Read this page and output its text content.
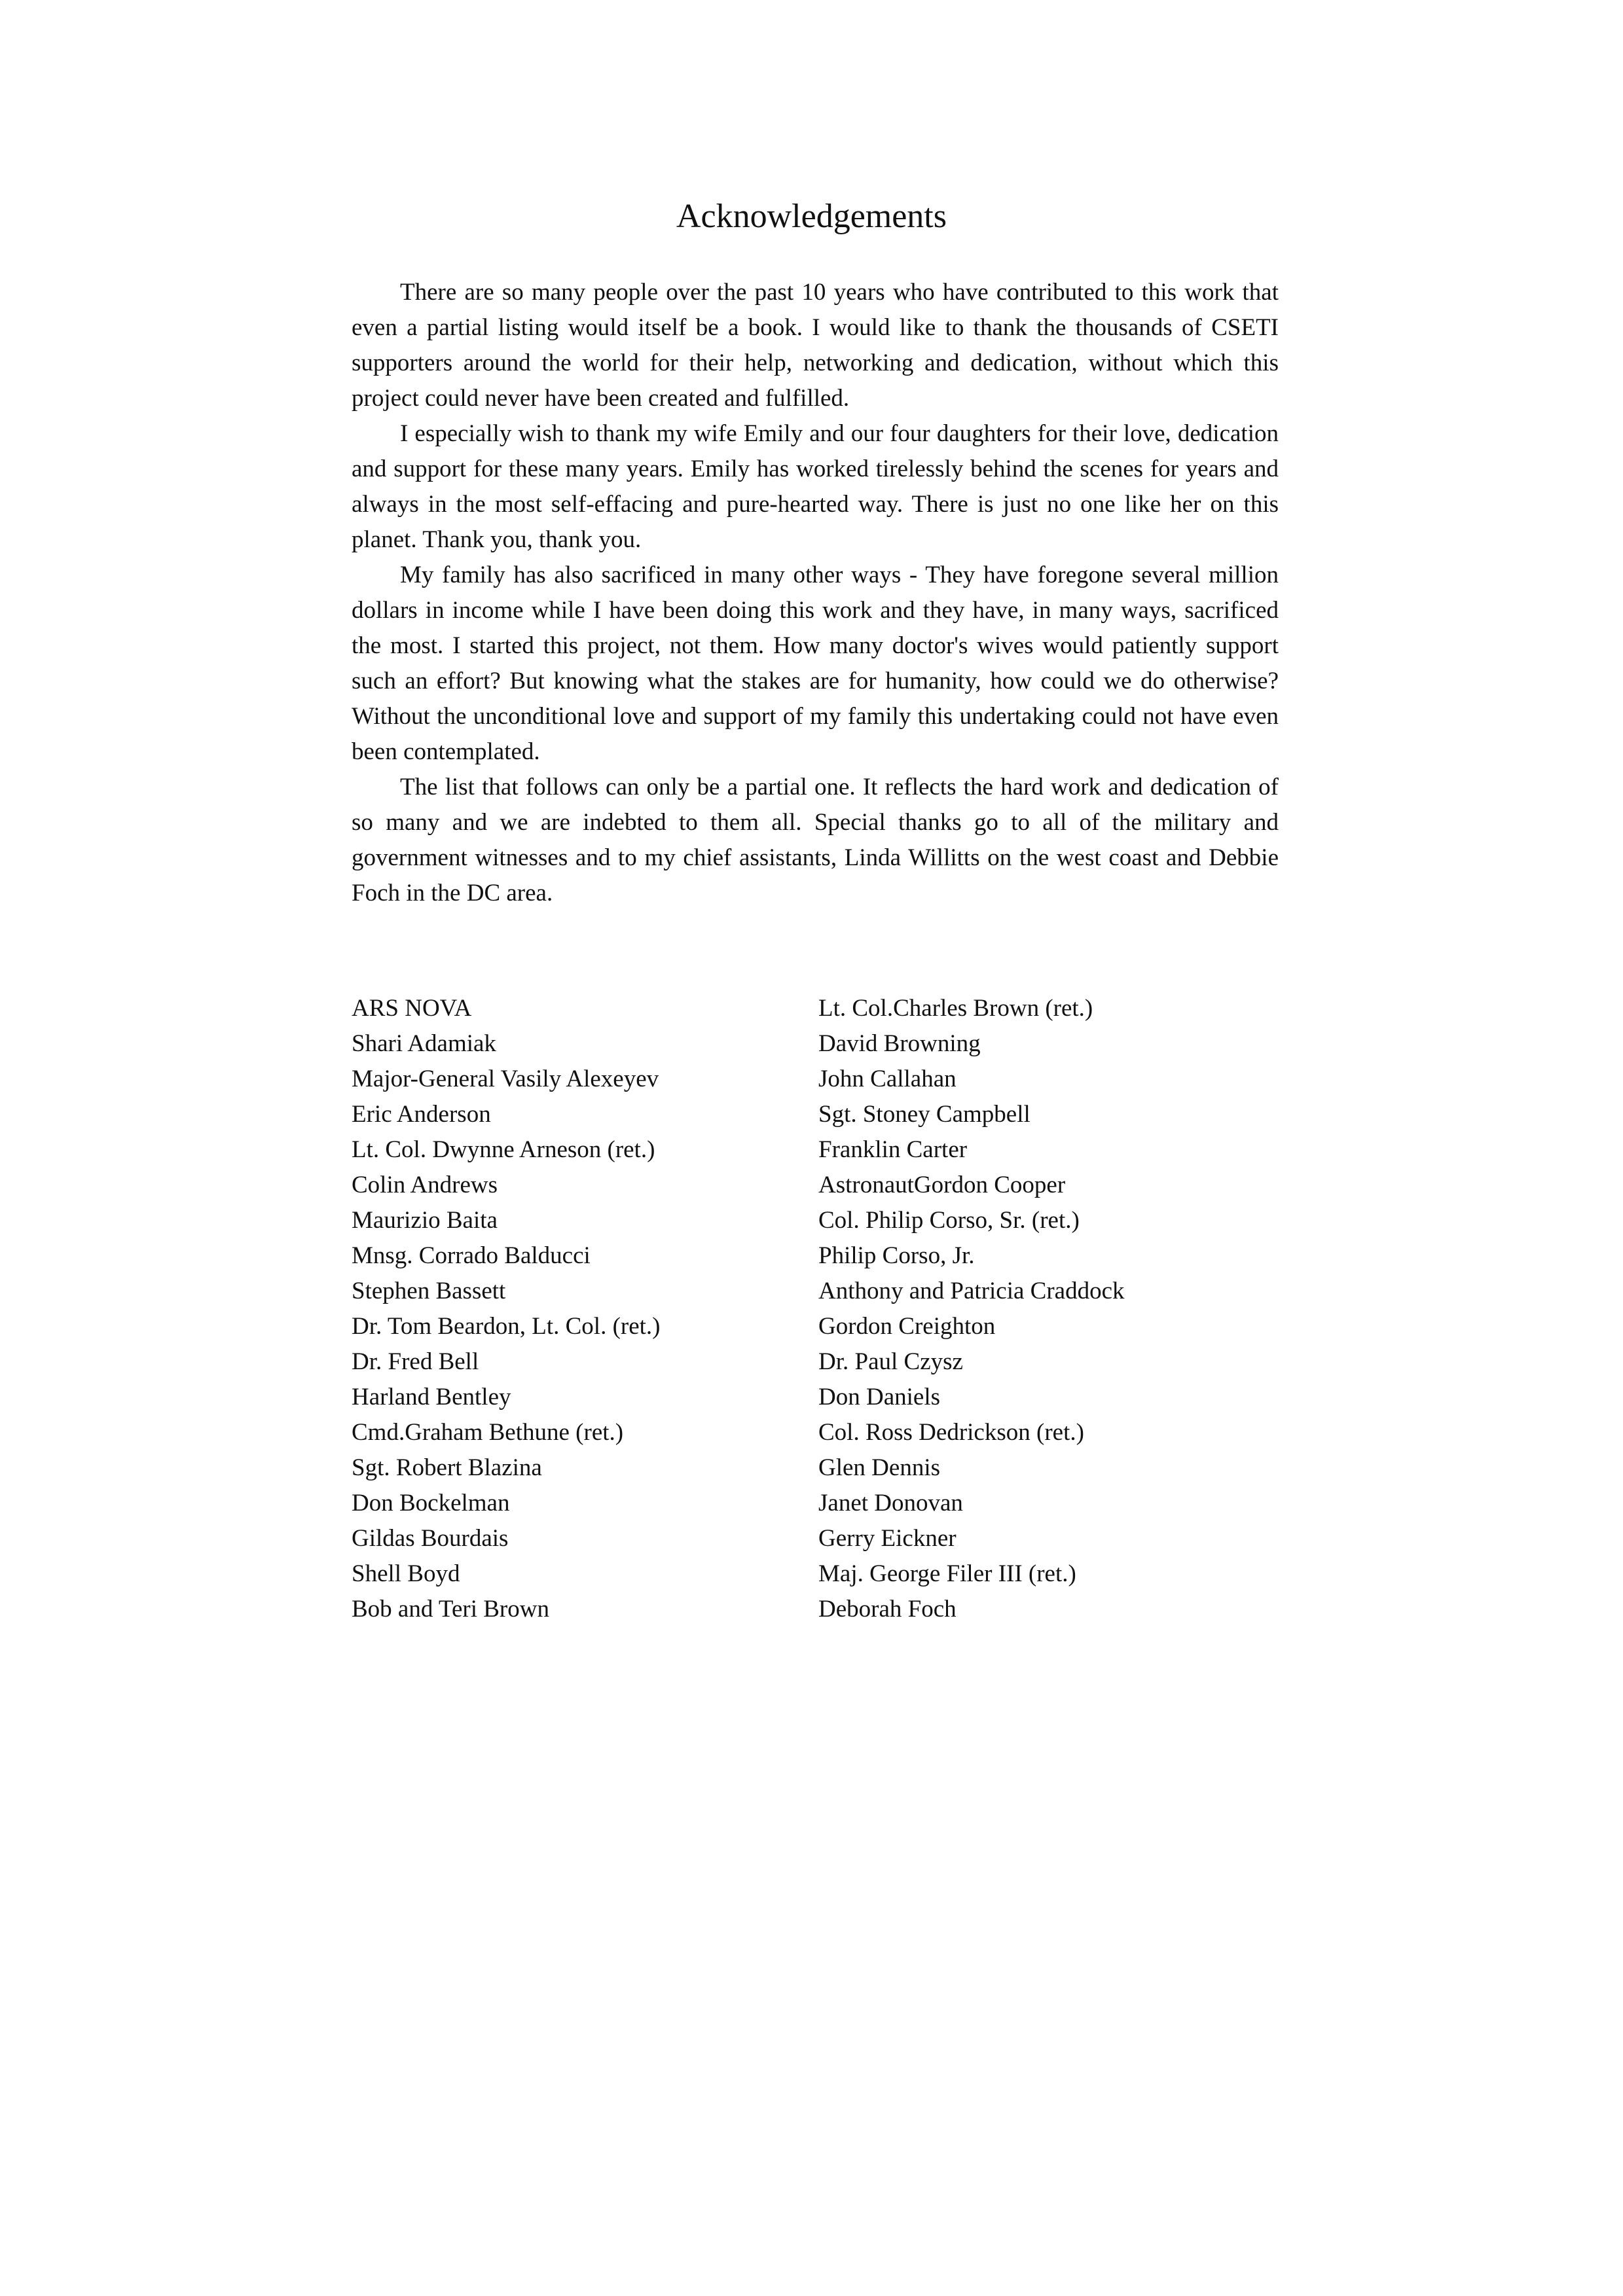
Acknowledgements

There are so many people over the past 10 years who have contributed to this work that even a partial listing would itself be a book. I would like to thank the thousands of CSETI supporters around the world for their help, networking and dedication, without which this project could never have been created and fulfilled.

I especially wish to thank my wife Emily and our four daughters for their love, dedication and support for these many years. Emily has worked tirelessly behind the scenes for years and always in the most self-effacing and pure-hearted way. There is just no one like her on this planet. Thank you, thank you.

My family has also sacrificed in many other ways - They have foregone several million dollars in income while I have been doing this work and they have, in many ways, sacrificed the most. I started this project, not them. How many doctor's wives would patiently support such an effort? But knowing what the stakes are for humanity, how could we do otherwise? Without the unconditional love and support of my family this undertaking could not have even been contemplated.

The list that follows can only be a partial one. It reflects the hard work and dedication of so many and we are indebted to them all. Special thanks go to all of the military and government witnesses and to my chief assistants, Linda Willitts on the west coast and Debbie Foch in the DC area.

ARS NOVA
Shari Adamiak
Major-General Vasily Alexeyev
Eric Anderson
Lt. Col. Dwynne Arneson (ret.)
Colin Andrews
Maurizio Baita
Mnsg. Corrado Balducci
Stephen Bassett
Dr. Tom Beardon, Lt. Col. (ret.)
Dr. Fred Bell
Harland Bentley
Cmd.Graham Bethune (ret.)
Sgt. Robert Blazina
Don Bockelman
Gildas Bourdais
Shell Boyd
Bob and Teri Brown
Lt. Col.Charles Brown (ret.)
David Browning
John Callahan
Sgt. Stoney Campbell
Franklin Carter
AstronautGordon Cooper
Col. Philip Corso, Sr. (ret.)
Philip Corso, Jr.
Anthony and Patricia Craddock
Gordon Creighton
Dr. Paul Czysz
Don Daniels
Col. Ross Dedrickson (ret.)
Glen Dennis
Janet Donovan
Gerry Eickner
Maj. George Filer III (ret.)
Deborah Foch
